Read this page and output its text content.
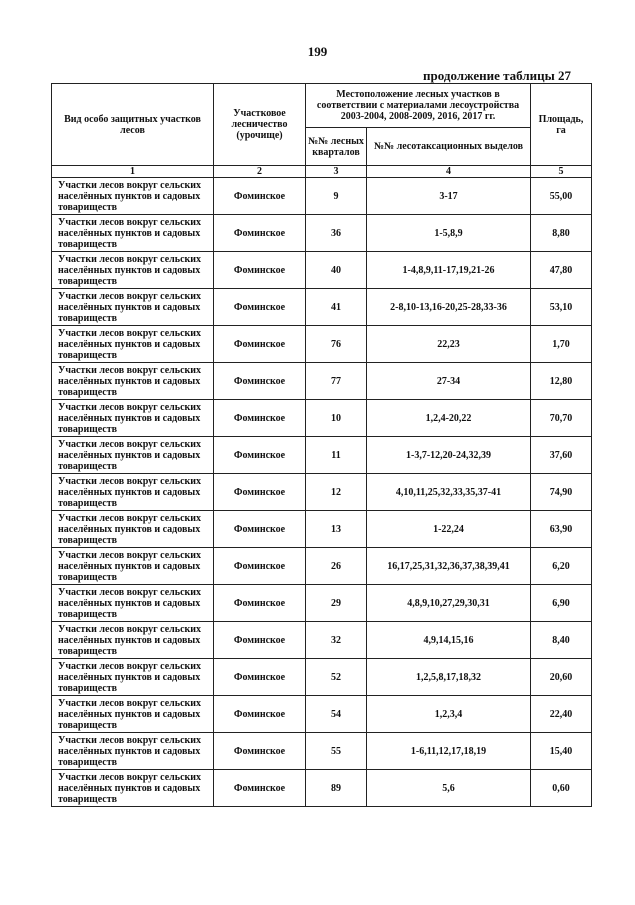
199
продолжение таблицы 27
Вид особо защитных участков лесов	Участковое лесничество (урочище)	Местоположение лесных участков в соответствии с материалами лесоустройства 2003-2004, 2008-2009, 2016, 2017 гг.		Площадь, га
		№№ лесных кварталов	№№ лесотаксационных выделов	
1	2	3	4	5
Участки лесов вокруг сельских населённых пунктов и садовых товариществ	Фоминское	9	3-17	55,00
Участки лесов вокруг сельских населённых пунктов и садовых товариществ	Фоминское	36	1-5,8,9	8,80
Участки лесов вокруг сельских населённых пунктов и садовых товариществ	Фоминское	40	1-4,8,9,11-17,19,21-26	47,80
Участки лесов вокруг сельских населённых пунктов и садовых товариществ	Фоминское	41	2-8,10-13,16-20,25-28,33-36	53,10
Участки лесов вокруг сельских населённых пунктов и садовых товариществ	Фоминское	76	22,23	1,70
Участки лесов вокруг сельских населённых пунктов и садовых товариществ	Фоминское	77	27-34	12,80
Участки лесов вокруг сельских населённых пунктов и садовых товариществ	Фоминское	10	1,2,4-20,22	70,70
Участки лесов вокруг сельских населённых пунктов и садовых товариществ	Фоминское	11	1-3,7-12,20-24,32,39	37,60
Участки лесов вокруг сельских населённых пунктов и садовых товариществ	Фоминское	12	4,10,11,25,32,33,35,37-41	74,90
Участки лесов вокруг сельских населённых пунктов и садовых товариществ	Фоминское	13	1-22,24	63,90
Участки лесов вокруг сельских населённых пунктов и садовых товариществ	Фоминское	26	16,17,25,31,32,36,37,38,39,41	6,20
Участки лесов вокруг сельских населённых пунктов и садовых товариществ	Фоминское	29	4,8,9,10,27,29,30,31	6,90
Участки лесов вокруг сельских населённых пунктов и садовых товариществ	Фоминское	32	4,9,14,15,16	8,40
Участки лесов вокруг сельских населённых пунктов и садовых товариществ	Фоминское	52	1,2,5,8,17,18,32	20,60
Участки лесов вокруг сельских населённых пунктов и садовых товариществ	Фоминское	54	1,2,3,4	22,40
Участки лесов вокруг сельских населённых пунктов и садовых товариществ	Фоминское	55	1-6,11,12,17,18,19	15,40
Участки лесов вокруг сельских населённых пунктов и садовых товариществ	Фоминское	89	5,6	0,60
